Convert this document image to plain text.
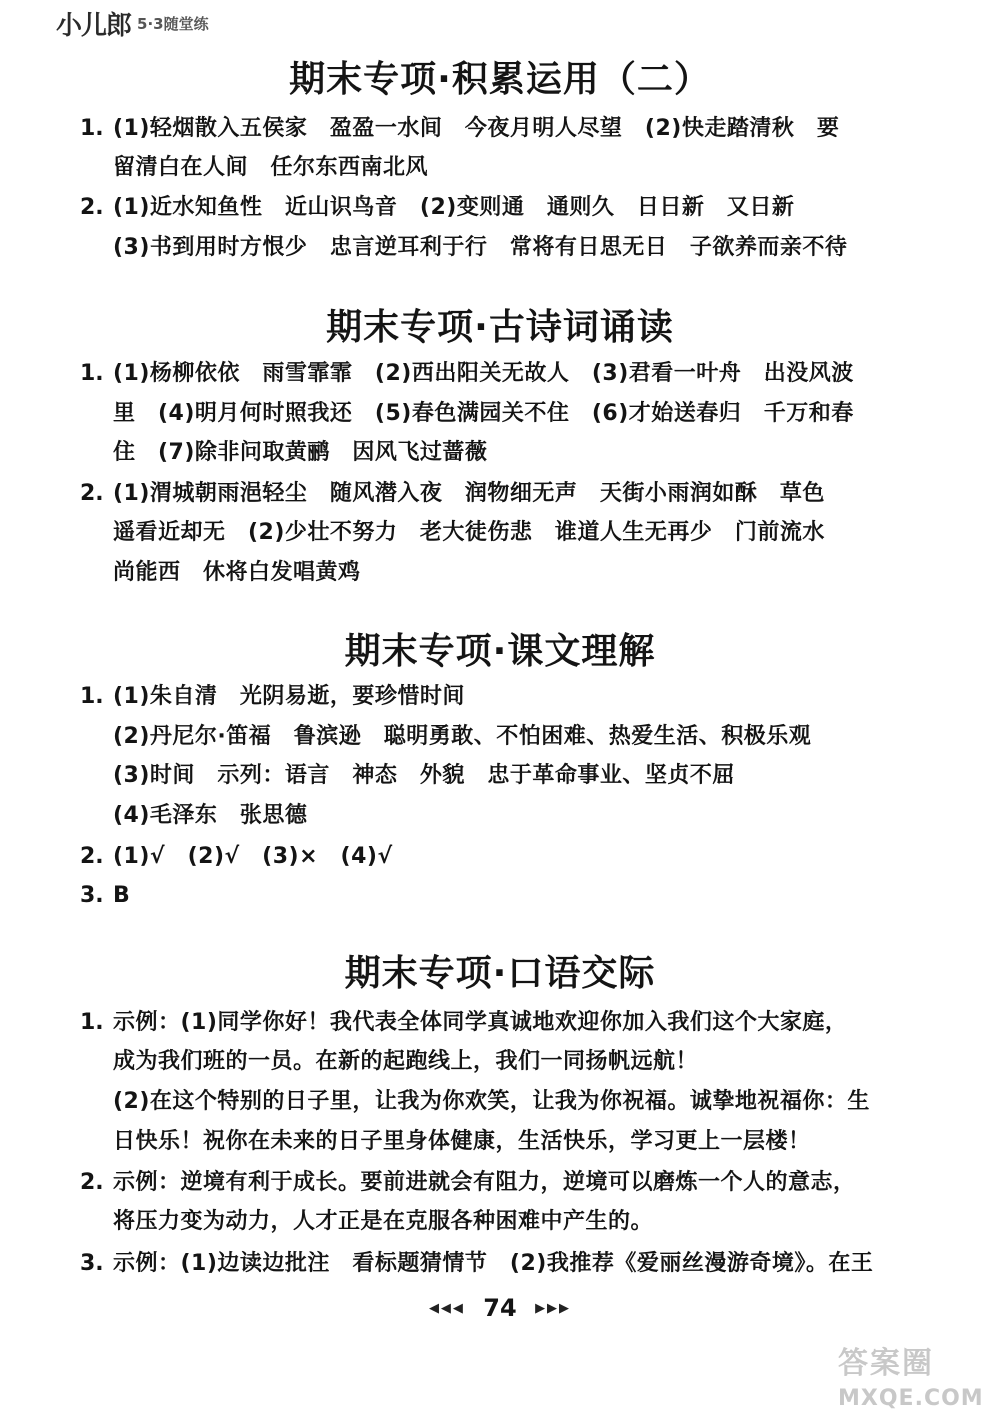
小儿郎 5·3随堂练
期末专项·积累运用（二）
1. (1)轻烟散入五侯家　盈盈一水间　今夜月明人尽望　(2)快走踏清秋　要
留清白在人间　任尔东西南北风
2. (1)近水知鱼性　近山识鸟音　(2)变则通　通则久　日日新　又日新
(3)书到用时方恨少　忠言逆耳利于行　常将有日思无日　子欲养而亲不待
期末专项·古诗词诵读
1. (1)杨柳依依　雨雪霏霏　(2)西出阳关无故人　(3)君看一叶舟　出没风波
里　(4)明月何时照我还　(5)春色满园关不住　(6)才始送春归　千万和春
住　(7)除非问取黄鹂　因风飞过蔷薇
2. (1)渭城朝雨浥轻尘　随风潜入夜　润物细无声　天街小雨润如酥　草色
遥看近却无　(2)少壮不努力　老大徒伤悲　谁道人生无再少　门前流水
尚能西　休将白发唱黄鸡
期末专项·课文理解
1. (1)朱自清　光阴易逝，要珍惜时间
(2)丹尼尔·笛福　鲁滨逊　聪明勇敢、不怕困难、热爱生活、积极乐观
(3)时间　示列：语言　神态　外貌　忠于革命事业、坚贞不屈
(4)毛泽东　张思德
2. (1)√　(2)√　(3)×　(4)√
3. B
期末专项·口语交际
1. 示例：(1)同学你好！我代表全体同学真诚地欢迎你加入我们这个大家庭，
成为我们班的一员。在新的起跑线上，我们一同扬帆远航！
(2)在这个特别的日子里，让我为你欢笑，让我为你祝福。诚挚地祝福你：生
日快乐！祝你在未来的日子里身体健康，生活快乐，学习更上一层楼！
2. 示例：逆境有利于成长。要前进就会有阻力，逆境可以磨炼一个人的意志，
将压力变为动力，人才正是在克服各种困难中产生的。
3. 示例：(1)边读边批注　看标题猜情节　(2)我推荐《爱丽丝漫游奇境》。在王
◀◀◀ 74 ▶▶▶
答案圈
MXQE.COM
